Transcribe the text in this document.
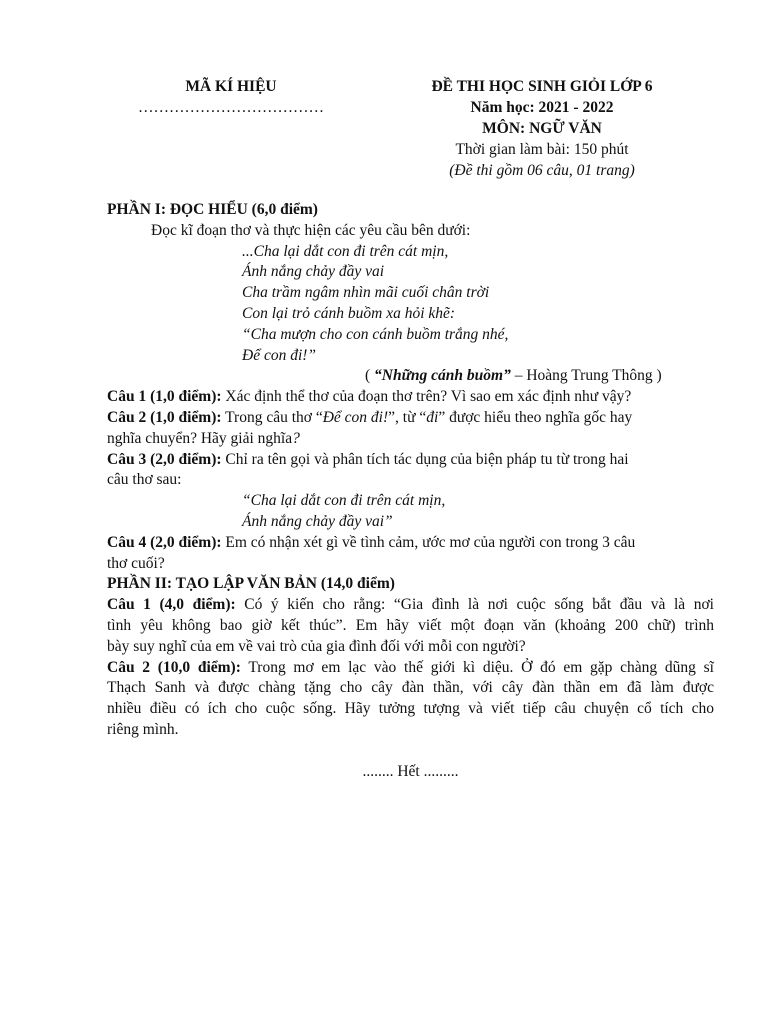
MÃ KÍ HIỆU
………………………………
ĐỀ THI HỌC SINH GIỎI LỚP 6
Năm học: 2021 - 2022
MÔN: NGỮ VĂN
Thời gian làm bài: 150 phút
(Đề thi gồm 06 câu, 01 trang)
PHẦN I: ĐỌC HIỂU (6,0 điểm)
Đọc kĩ đoạn thơ và thực hiện các yêu cầu bên dưới:
...Cha lại dắt con đi trên cát mịn,
Ánh nắng chảy đầy vai
Cha trầm ngâm nhìn mãi cuối chân trời
Con lại trỏ cánh buồm xa hỏi khẽ:
“Cha mượn cho con cánh buồm trắng nhé,
Để con đi!”
( “Những cánh buồm” – Hoàng Trung Thông )
Câu 1 (1,0 điểm): Xác định thể thơ của đoạn thơ trên? Vì sao em xác định như vậy?
Câu 2 (1,0 điểm): Trong câu thơ “Để con đi!”, từ “đi” được hiểu theo nghĩa gốc hay
nghĩa chuyển? Hãy giải nghĩa?
Câu 3 (2,0 điểm): Chỉ ra tên gọi và phân tích tác dụng của biện pháp tu từ trong hai
câu thơ sau:
“Cha lại dắt con đi trên cát mịn,
Ánh nắng chảy đầy vai”
Câu 4 (2,0 điểm): Em có nhận xét gì về tình cảm, ước mơ của người con trong 3 câu
thơ cuối?
PHẦN II: TẠO LẬP VĂN BẢN (14,0 điểm)
Câu 1 (4,0 điểm): Có ý kiến cho rằng: “Gia đình là nơi cuộc sống bắt đầu và là nơi
tình yêu không bao giờ kết thúc”. Em hãy viết một đoạn văn (khoảng 200 chữ) trình
bày suy nghĩ của em về vai trò của gia đình đối với mỗi con người?
Câu 2 (10,0 điểm): Trong mơ em lạc vào thế giới kì diệu. Ở đó em gặp chàng dũng sĩ
Thạch Sanh và được chàng tặng cho cây đàn thần, với cây đàn thần em đã làm được
nhiều điều có ích cho cuộc sống. Hãy tưởng tượng và viết tiếp câu chuyện cổ tích cho
riêng mình.
........ Hết .........
